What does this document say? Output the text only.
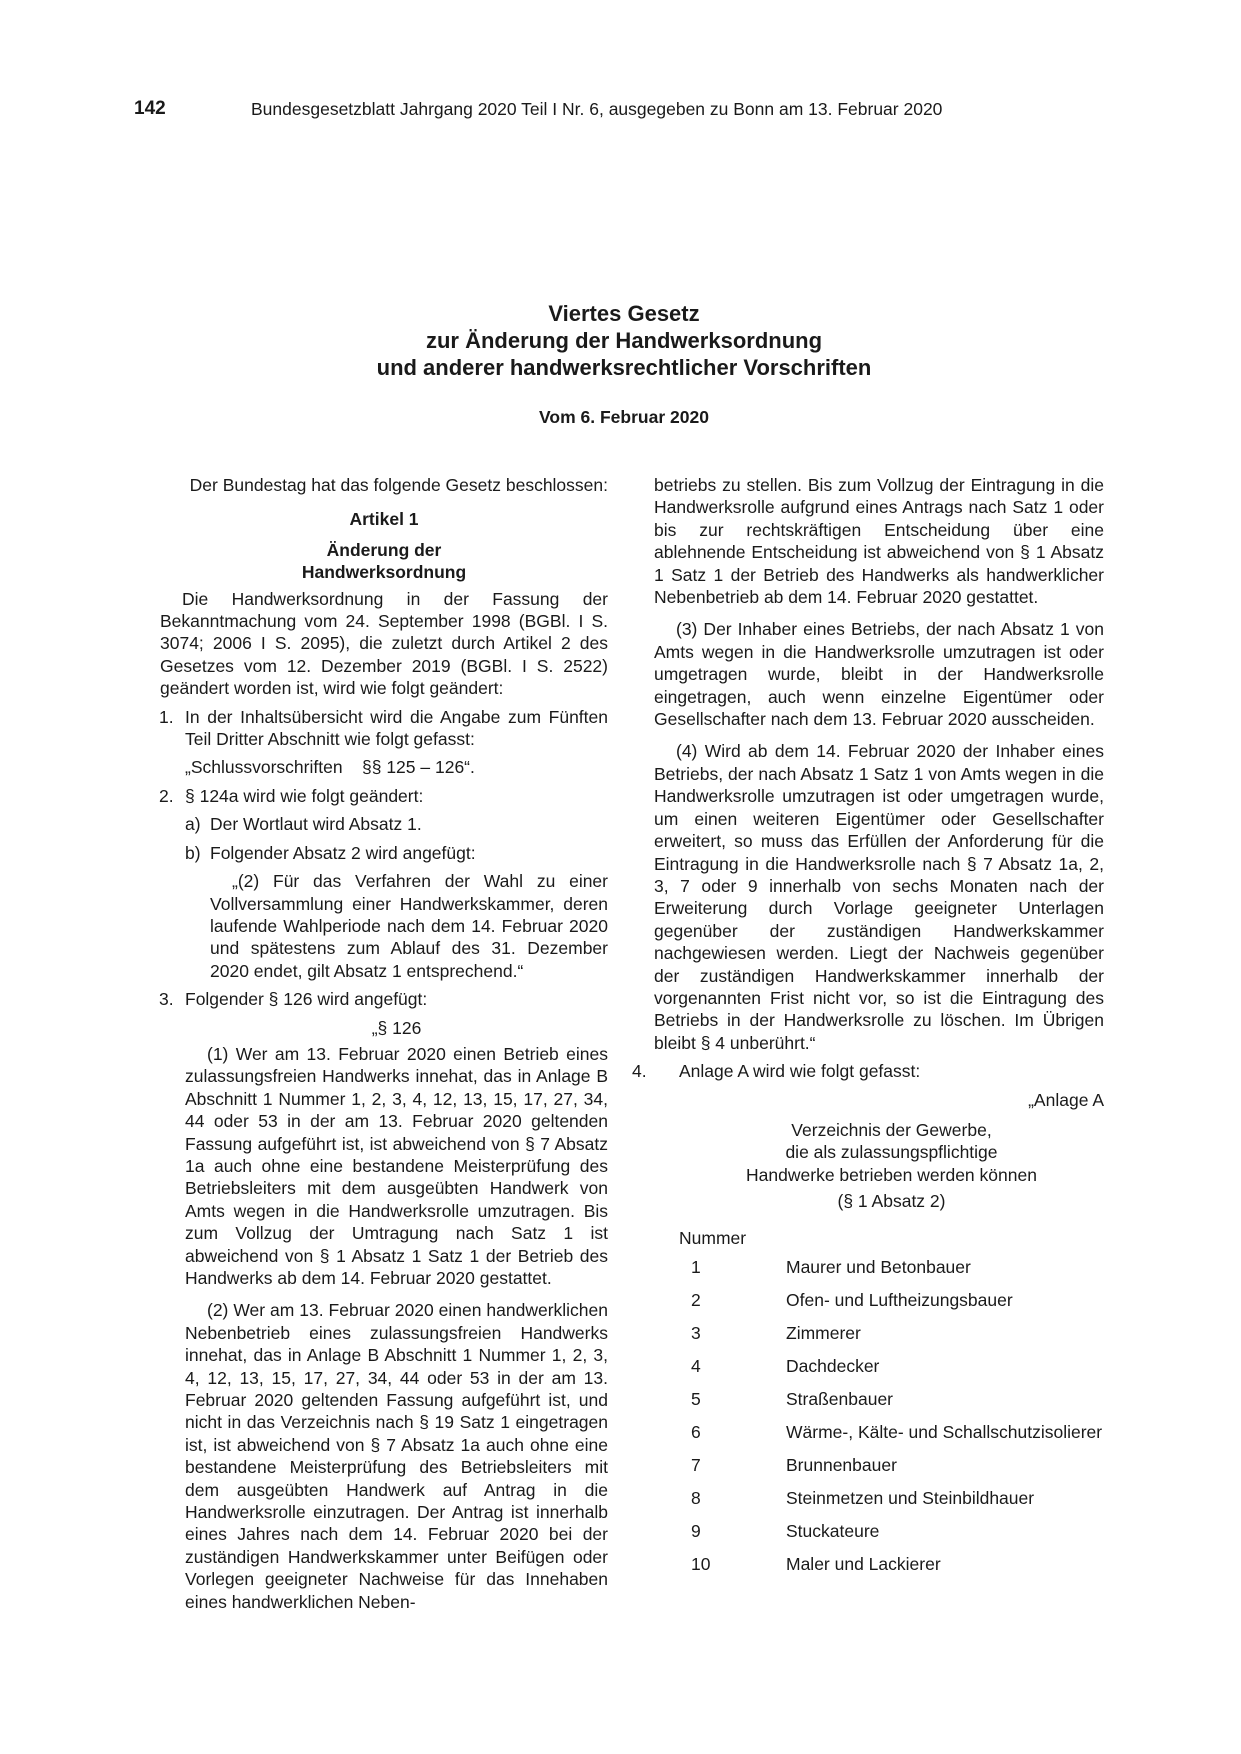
142	Bundesgesetzblatt Jahrgang 2020 Teil I Nr. 6, ausgegeben zu Bonn am 13. Februar 2020
Viertes Gesetz
zur Änderung der Handwerksordnung
und anderer handwerksrechtlicher Vorschriften
Vom 6. Februar 2020

Der Bundestag hat das folgende Gesetz beschlossen:

Artikel 1

Änderung der
Handwerksordnung

Die Handwerksordnung in der Fassung der Bekanntmachung vom 24. September 1998 (BGBl. I S. 3074; 2006 I S. 2095), die zuletzt durch Artikel 2 des Gesetzes vom 12. Dezember 2019 (BGBl. I S. 2522) geändert worden ist, wird wie folgt geändert:

1. In der Inhaltsübersicht wird die Angabe zum Fünften Teil Dritter Abschnitt wie folgt gefasst:

„Schlussvorschriften    §§ 125 – 126“.

2. § 124a wird wie folgt geändert:
a) Der Wortlaut wird Absatz 1.
b) Folgender Absatz 2 wird angefügt:

„(2) Für das Verfahren der Wahl zu einer Vollversammlung einer Handwerkskammer, deren laufende Wahlperiode nach dem 14. Februar 2020 und spätestens zum Ablauf des 31. Dezember 2020 endet, gilt Absatz 1 entsprechend.“

3. Folgender § 126 wird angefügt:

„§ 126

(1) Wer am 13. Februar 2020 einen Betrieb eines zulassungsfreien Handwerks innehat, das in Anlage B Abschnitt 1 Nummer 1, 2, 3, 4, 12, 13, 15, 17, 27, 34, 44 oder 53 in der am 13. Februar 2020 geltenden Fassung aufgeführt ist, ist abweichend von § 7 Absatz 1a auch ohne eine bestandene Meisterprüfung des Betriebsleiters mit dem ausgeübten Handwerk von Amts wegen in die Handwerksrolle umzutragen. Bis zum Vollzug der Umtragung nach Satz 1 ist abweichend von § 1 Absatz 1 Satz 1 der Betrieb des Handwerks ab dem 14. Februar 2020 gestattet.

(2) Wer am 13. Februar 2020 einen handwerklichen Nebenbetrieb eines zulassungsfreien Handwerks innehat, das in Anlage B Abschnitt 1 Nummer 1, 2, 3, 4, 12, 13, 15, 17, 27, 34, 44 oder 53 in der am 13. Februar 2020 geltenden Fassung aufgeführt ist, und nicht in das Verzeichnis nach § 19 Satz 1 eingetragen ist, ist abweichend von § 7 Absatz 1a auch ohne eine bestandene Meisterprüfung des Betriebsleiters mit dem ausgeübten Handwerk auf Antrag in die Handwerksrolle einzutragen. Der Antrag ist innerhalb eines Jahres nach dem 14. Februar 2020 bei der zuständigen Handwerkskammer unter Beifügen oder Vorlegen geeigneter Nachweise für das Innehaben eines handwerklichen Neben-

betriebs zu stellen. Bis zum Vollzug der Eintragung in die Handwerksrolle aufgrund eines Antrags nach Satz 1 oder bis zur rechtskräftigen Entscheidung über eine ablehnende Entscheidung ist abweichend von § 1 Absatz 1 Satz 1 der Betrieb des Handwerks als handwerklicher Nebenbetrieb ab dem 14. Februar 2020 gestattet.

(3) Der Inhaber eines Betriebs, der nach Absatz 1 von Amts wegen in die Handwerksrolle umzutragen ist oder umgetragen wurde, bleibt in der Handwerksrolle eingetragen, auch wenn einzelne Eigentümer oder Gesellschafter nach dem 13. Februar 2020 ausscheiden.

(4) Wird ab dem 14. Februar 2020 der Inhaber eines Betriebs, der nach Absatz 1 Satz 1 von Amts wegen in die Handwerksrolle umzutragen ist oder umgetragen wurde, um einen weiteren Eigentümer oder Gesellschafter erweitert, so muss das Erfüllen der Anforderung für die Eintragung in die Handwerksrolle nach § 7 Absatz 1a, 2, 3, 7 oder 9 innerhalb von sechs Monaten nach der Erweiterung durch Vorlage geeigneter Unterlagen gegenüber der zuständigen Handwerkskammer nachgewiesen werden. Liegt der Nachweis gegenüber der zuständigen Handwerkskammer innerhalb der vorgenannten Frist nicht vor, so ist die Eintragung des Betriebs in der Handwerksrolle zu löschen. Im Übrigen bleibt § 4 unberührt.“

4. Anlage A wird wie folgt gefasst:

„Anlage A

Verzeichnis der Gewerbe,
die als zulassungspflichtige
Handwerke betrieben werden können

(§ 1 Absatz 2)

Nummer

1	Maurer und Betonbauer
2	Ofen- und Luftheizungsbauer
3	Zimmerer
4	Dachdecker
5	Straßenbauer
6	Wärme-, Kälte- und Schallschutzisolierer
7	Brunnenbauer
8	Steinmetzen und Steinbildhauer
9	Stuckateure
10	Maler und Lackierer
